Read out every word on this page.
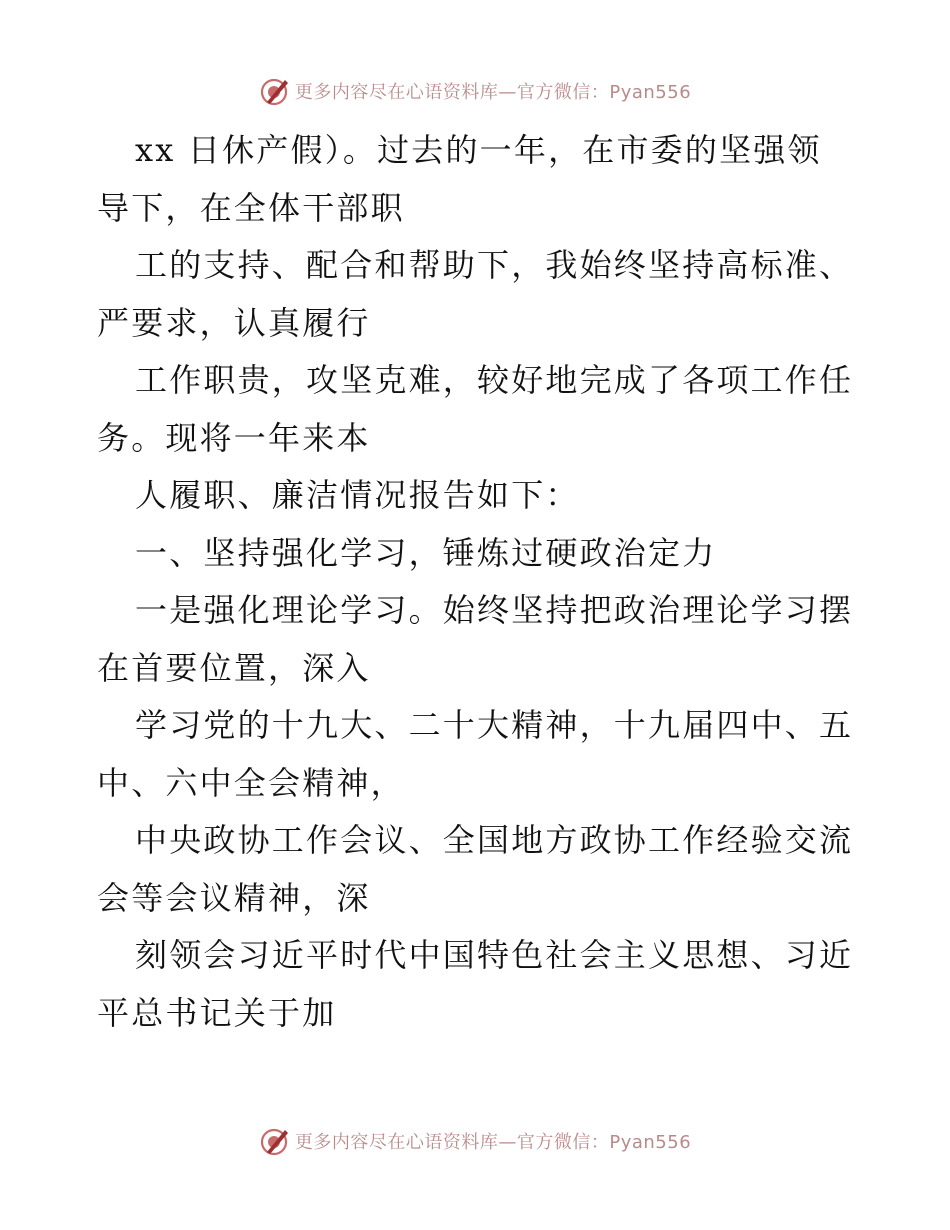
更多内容尽在心语资料库—官方微信：Pyan556
xx 日休产假）。过去的一年，在市委的坚强领
导下，在全体干部职
工的支持、配合和帮助下，我始终坚持高标准、
严要求，认真履行
工作职贵，攻坚克难，较好地完成了各项工作任
务。现将一年来本
人履职、廉洁情况报告如下：
一、坚持强化学习，锤炼过硬政治定力
一是强化理论学习。始终坚持把政治理论学习摆
在首要位置，深入
学习党的十九大、二十大精神，十九届四中、五
中、六中全会精神，
中央政协工作会议、全国地方政协工作经验交流
会等会议精神，深
刻领会习近平时代中国特色社会主义思想、习近
平总书记关于加
更多内容尽在心语资料库—官方微信：Pyan556
